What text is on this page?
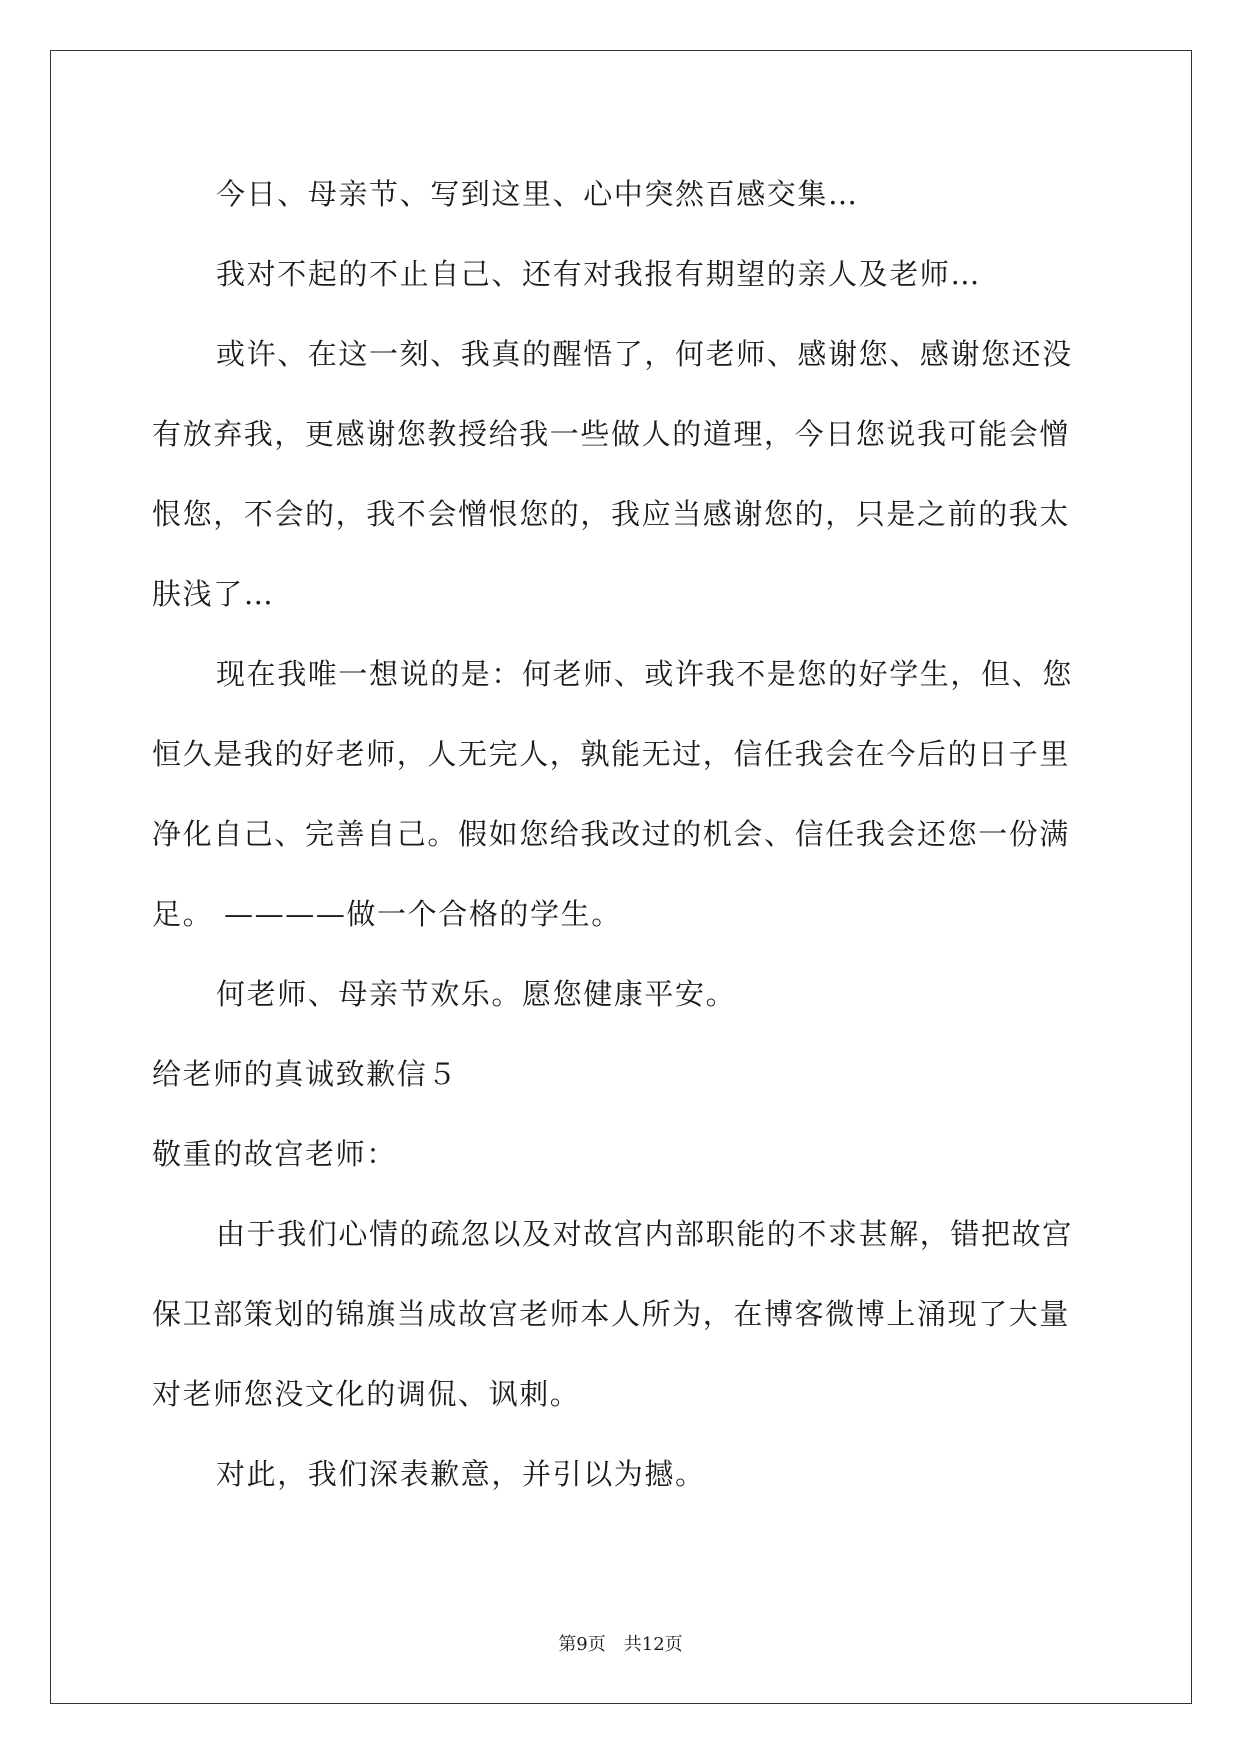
今日、母亲节、写到这里、心中突然百感交集…
我对不起的不止自己、还有对我报有期望的亲人及老师…
或许、在这一刻、我真的醒悟了，何老师、感谢您、感谢您还没
有放弃我，更感谢您教授给我一些做人的道理，今日您说我可能会憎
恨您，不会的，我不会憎恨您的，我应当感谢您的，只是之前的我太
肤浅了…
现在我唯一想说的是：何老师、或许我不是您的好学生，但、您
恒久是我的好老师，人无完人，孰能无过，信任我会在今后的日子里
净化自己、完善自己。假如您给我改过的机会、信任我会还您一份满
足。 ————做一个合格的学生。
何老师、母亲节欢乐。愿您健康平安。
给老师的真诚致歉信５
敬重的故宫老师：
由于我们心情的疏忽以及对故宫内部职能的不求甚解，错把故宫
保卫部策划的锦旗当成故宫老师本人所为，在博客微博上涌现了大量
对老师您没文化的调侃、讽刺。
对此，我们深表歉意，并引以为撼。
第9页 共12页
